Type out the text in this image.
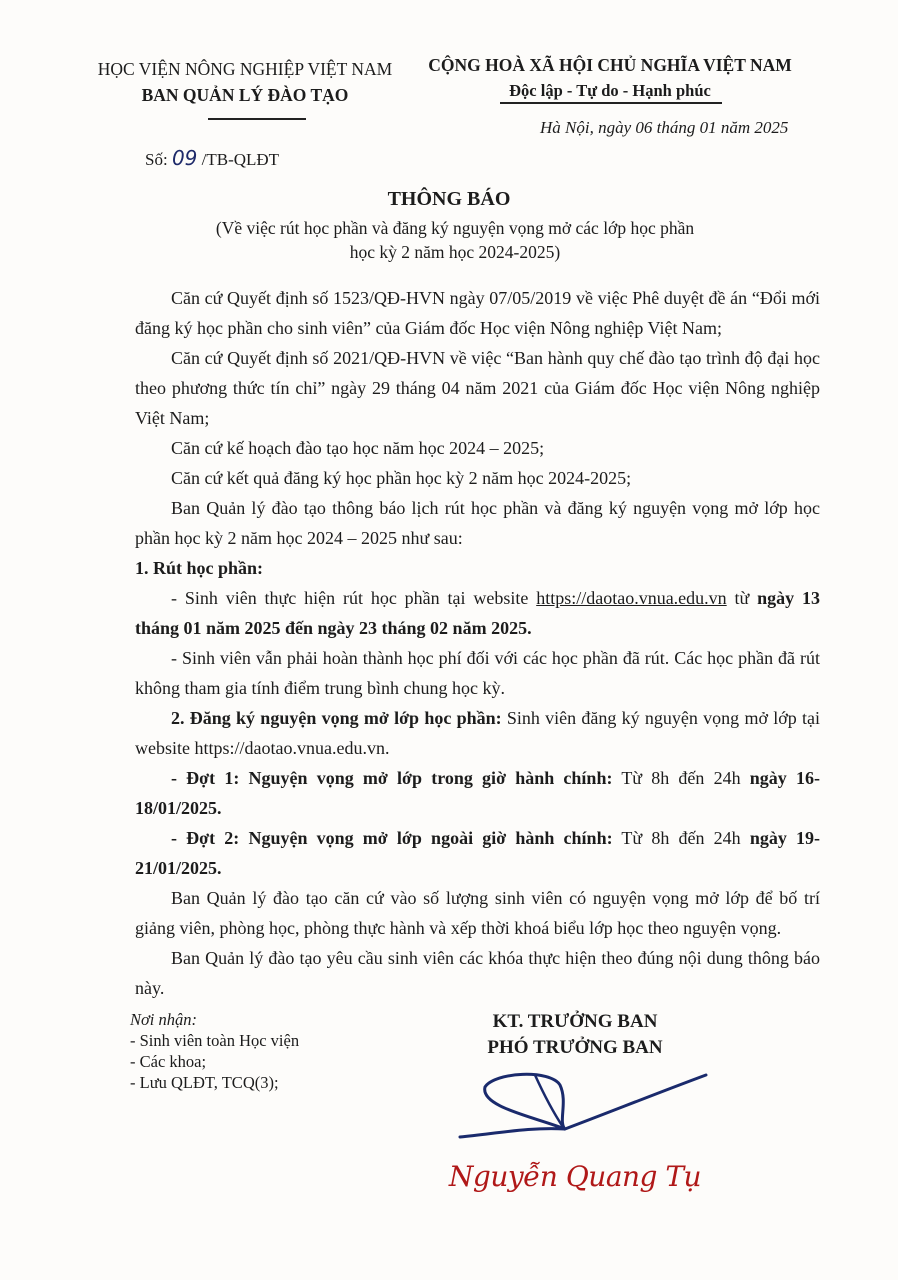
HỌC VIỆN NÔNG NGHIỆP VIỆT NAM
BAN QUẢN LÝ ĐÀO TẠO
CỘNG HOÀ XÃ HỘI CHỦ NGHĨA VIỆT NAM
Độc lập - Tự do - Hạnh phúc
Hà Nội, ngày 06 tháng 01 năm 2025
Số: 09 /TB-QLĐT
THÔNG BÁO
(Về việc rút học phần và đăng ký nguyện vọng mở các lớp học phần
học kỳ 2 năm học 2024-2025)

Căn cứ Quyết định số 1523/QĐ-HVN ngày 07/05/2019 về việc Phê duyệt đề án “Đổi mới đăng ký học phần cho sinh viên” của Giám đốc Học viện Nông nghiệp Việt Nam;

Căn cứ Quyết định số 2021/QĐ-HVN về việc “Ban hành quy chế đào tạo trình độ đại học theo phương thức tín chỉ” ngày 29 tháng 04 năm 2021 của Giám đốc Học viện Nông nghiệp Việt Nam;

Căn cứ kế hoạch đào tạo học năm học 2024 – 2025;

Căn cứ kết quả đăng ký học phần học kỳ 2 năm học 2024-2025;

Ban Quản lý đào tạo thông báo lịch rút học phần và đăng ký nguyện vọng mở lớp học phần học kỳ 2 năm học 2024 – 2025 như sau:

1. Rút học phần:

- Sinh viên thực hiện rút học phần tại website https://daotao.vnua.edu.vn từ ngày 13 tháng 01 năm 2025 đến ngày 23 tháng 02 năm 2025.

- Sinh viên vẫn phải hoàn thành học phí đối với các học phần đã rút. Các học phần đã rút không tham gia tính điểm trung bình chung học kỳ.

2. Đăng ký nguyện vọng mở lớp học phần: Sinh viên đăng ký nguyện vọng mở lớp tại website https://daotao.vnua.edu.vn.

- Đợt 1: Nguyện vọng mở lớp trong giờ hành chính: Từ 8h đến 24h ngày 16-18/01/2025.

- Đợt 2: Nguyện vọng mở lớp ngoài giờ hành chính: Từ 8h đến 24h ngày 19-21/01/2025.

Ban Quản lý đào tạo căn cứ vào số lượng sinh viên có nguyện vọng mở lớp để bố trí giảng viên, phòng học, phòng thực hành và xếp thời khoá biểu lớp học theo nguyện vọng.

Ban Quản lý đào tạo yêu cầu sinh viên các khóa thực hiện theo đúng nội dung thông báo này.

Nơi nhận:
- Sinh viên toàn Học viện
- Các khoa;
- Lưu QLĐT, TCQ(3);
KT. TRƯỞNG BAN
PHÓ TRƯỞNG BAN
Nguyễn Quang Tụ
